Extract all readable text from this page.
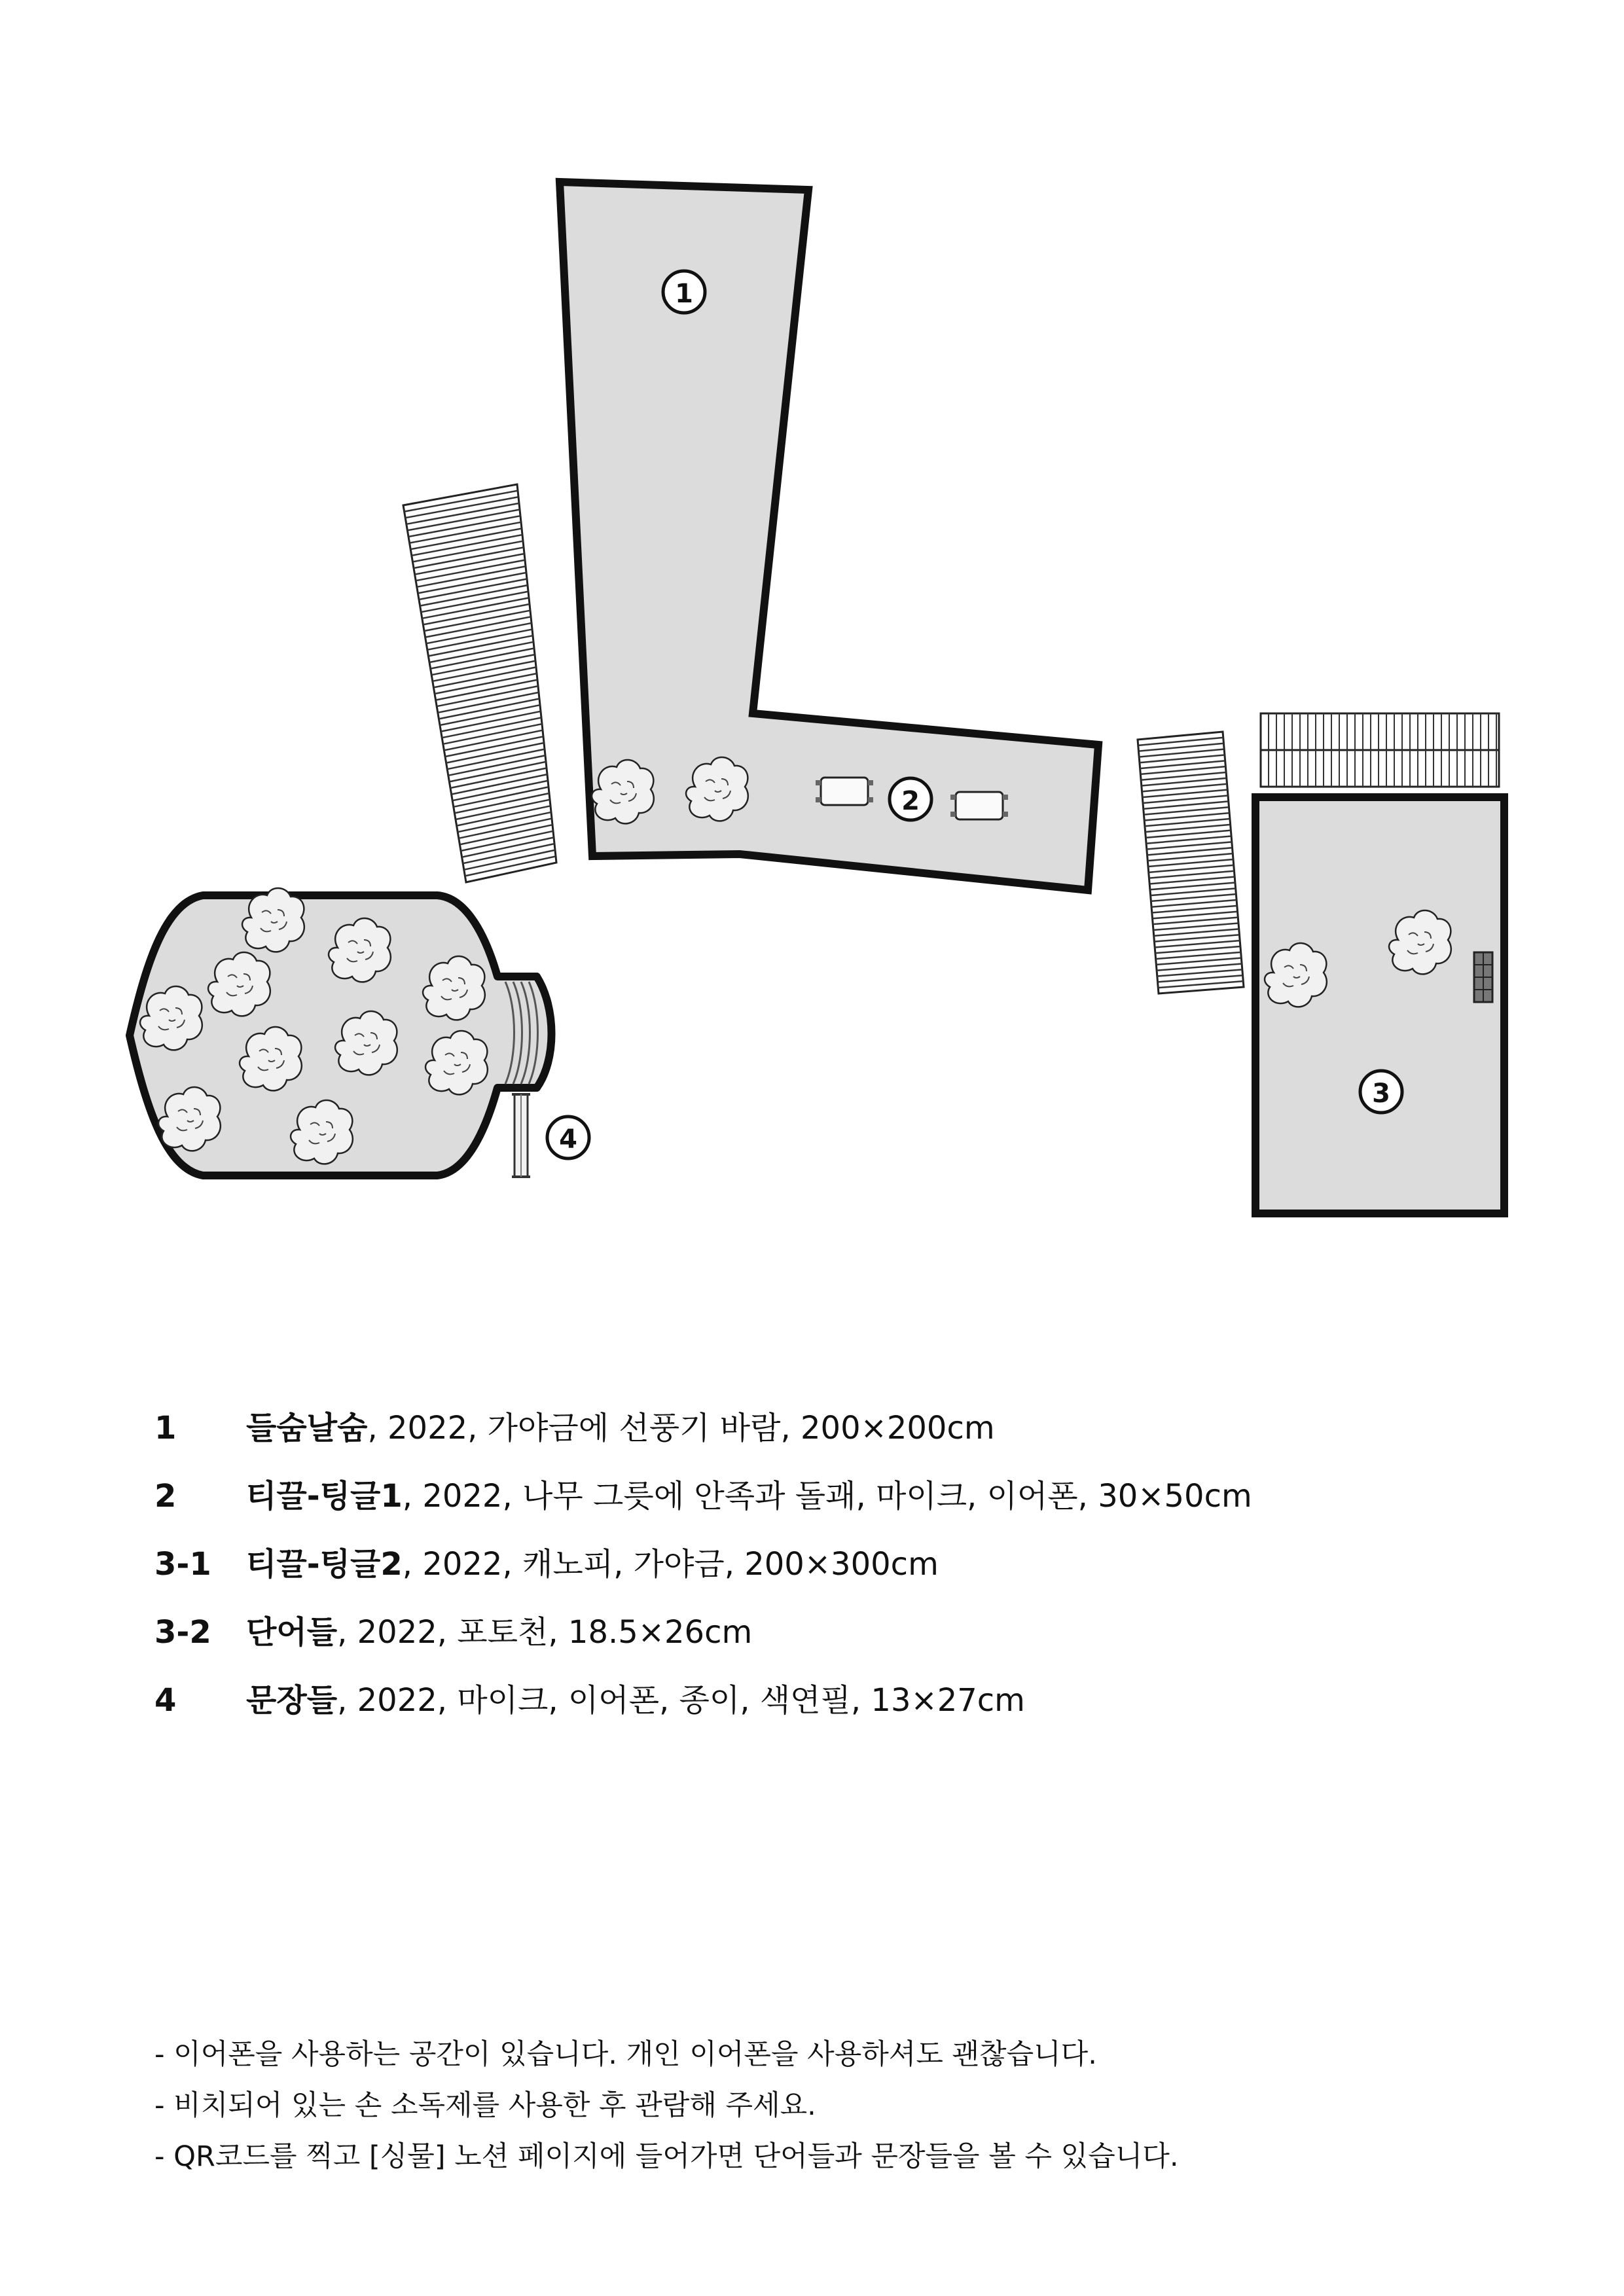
1
2
3
4
1 들숨날숨, 2022, 가야금에 선풍기 바람, 200×200cm
2 티끌-팅글1, 2022, 나무 그릇에 안족과 돌괘, 마이크, 이어폰, 30×50cm
3-1 티끌-팅글2, 2022, 캐노피, 가야금, 200×300cm
3-2 단어들, 2022, 포토천, 18.5×26cm
4 문장들, 2022, 마이크, 이어폰, 종이, 색연필, 13×27cm
- 이어폰을 사용하는 공간이 있습니다. 개인 이어폰을 사용하셔도 괜찮습니다.
- 비치되어 있는 손 소독제를 사용한 후 관람해 주세요.
- QR코드를 찍고 [싱물] 노션 페이지에 들어가면 단어들과 문장들을 볼 수 있습니다.
